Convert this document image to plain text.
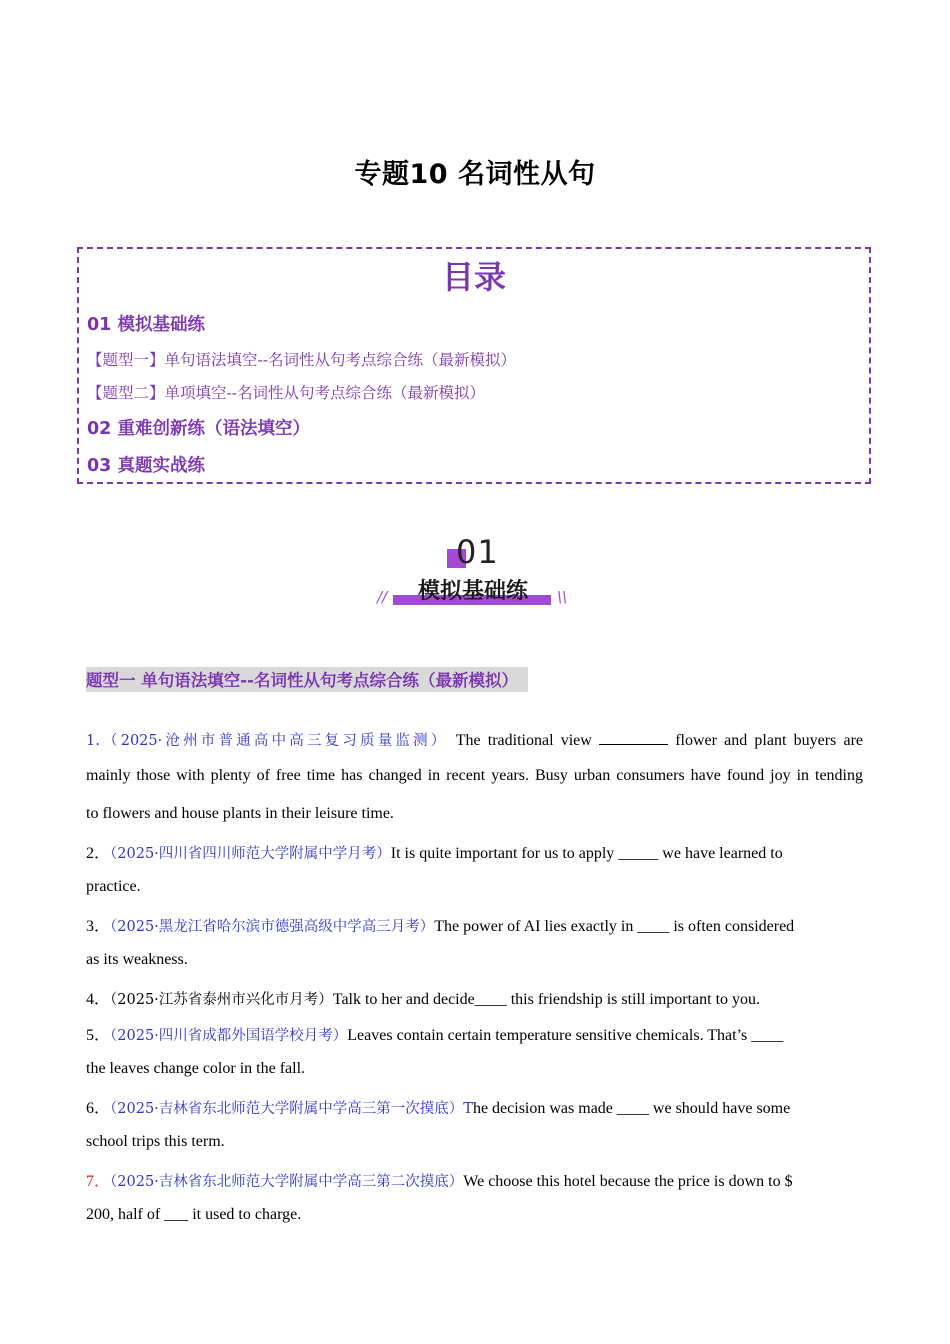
专题10 名词性从句
目录
01 模拟基础练
【题型一】单句语法填空--名词性从句考点综合练（最新模拟）
【题型二】单项填空--名词性从句考点综合练（最新模拟）
02 重难创新练（语法填空）
03 真题实战练
01
模拟基础练
//	\\
题型一 单句语法填空--名词性从句考点综合练（最新模拟）
1.（2025·沧州市普通高中高三复习质量监测） The traditional view	flower and plant buyers are
mainly those with plenty of free time has changed in recent years. Busy urban consumers have found joy in tending
to flowers and house plants in their leisure time.
2．（2025·四川省四川师范大学附属中学月考）It is quite important for us to apply _____ we have learned to
practice.
3．（2025·黑龙江省哈尔滨市德强高级中学高三月考）The power of AI lies exactly in ____ is often considered
as its weakness.
4．（2025·江苏省泰州市兴化市月考）Talk to her and decide____ this friendship is still important to you.
5．（2025·四川省成都外国语学校月考）Leaves contain certain temperature sensitive chemicals. That’s ____
the leaves change color in the fall.
6．（2025·吉林省东北师范大学附属中学高三第一次摸底）The decision was made ____ we should have some
school trips this term.
7．（2025·吉林省东北师范大学附属中学高三第二次摸底）We choose this hotel because the price is down to $
200, half of ___ it used to charge.
